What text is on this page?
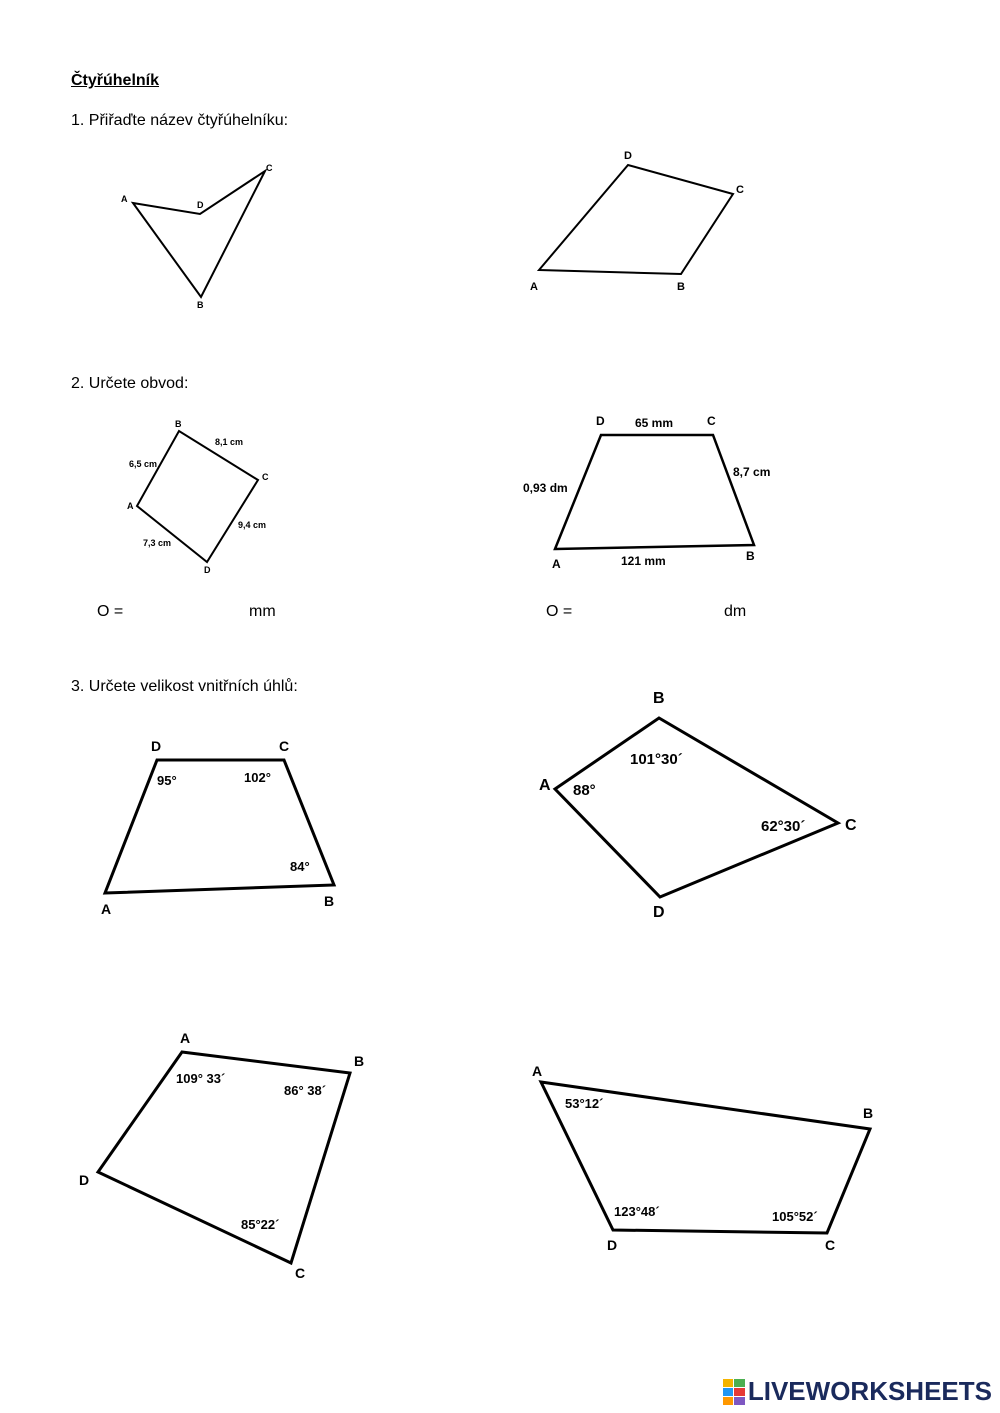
Čtyřúhelník
1. Přiřaďte název čtyřúhelníku:
2. Určete obvod:
3. Určete velikost vnitřních úhlů:
O =	mm	O =	dm
A
B
C
D
A	B
C
D
A
B
C
D
6,5 cm
8,1 cm
9,4 cm
7,3 cm
A
B
C
D	65 mm
8,7 cm
0,93 dm
121 mm
A	B
C
D
95°	102°
84°
A
B
C
D
101°30´
88°
62°30´
A
B
C
D
109° 33´
86° 38´
85°22´
A
B
C
D
53°12´
123°48´	105°52´
LIVEWORKSHEETS
